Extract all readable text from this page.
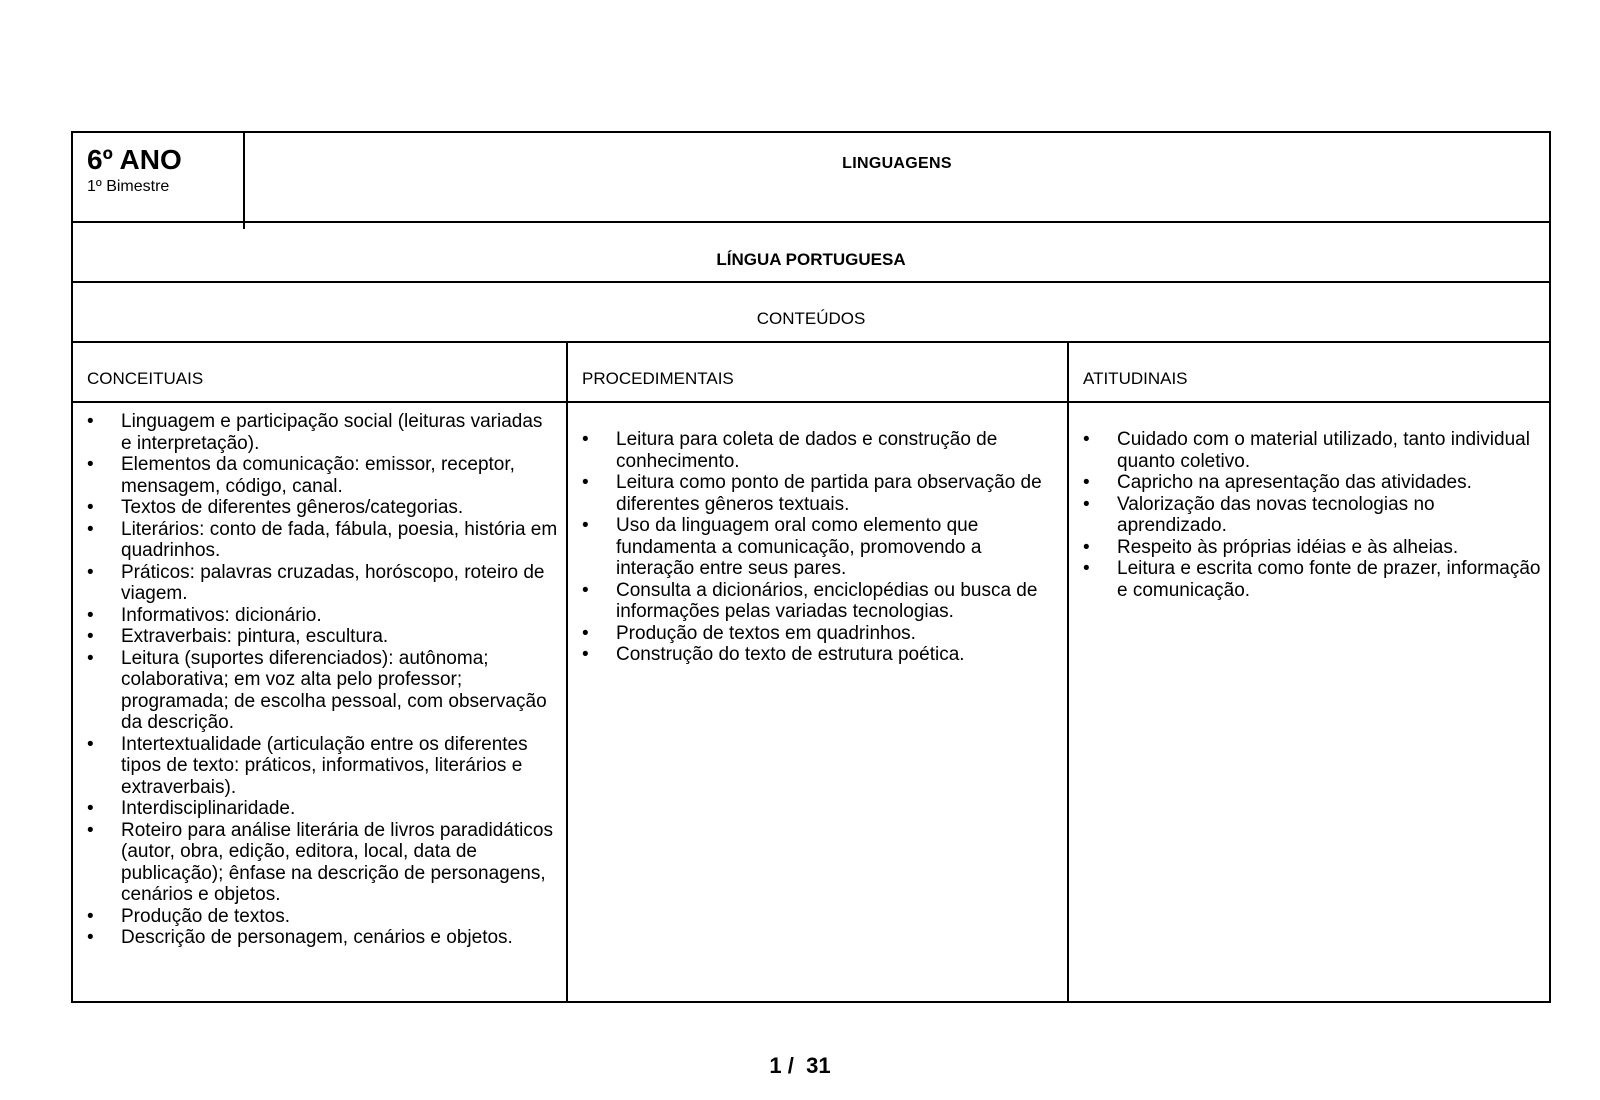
6º ANO
1º Bimestre
LINGUAGENS
LÍNGUA PORTUGUESA
CONTEÚDOS
CONCEITUAIS	PROCEDIMENTAIS	ATITUDINAIS
• Linguagem e participação social (leituras variadas e interpretação).
• Elementos da comunicação: emissor, receptor, mensagem, código, canal.
• Textos de diferentes gêneros/categorias.
• Literários: conto de fada, fábula, poesia, história em quadrinhos.
• Práticos: palavras cruzadas, horóscopo, roteiro de viagem.
• Informativos: dicionário.
• Extraverbais: pintura, escultura.
• Leitura (suportes diferenciados): autônoma; colaborativa; em voz alta pelo professor; programada; de escolha pessoal, com observação da descrição.
• Intertextualidade (articulação entre os diferentes tipos de texto: práticos, informativos, literários e extraverbais).
• Interdisciplinaridade.
• Roteiro para análise literária de livros paradidáticos (autor, obra, edição, editora, local, data de publicação); ênfase na descrição de personagens, cenários e objetos.
• Produção de textos.
• Descrição de personagem, cenários e objetos.
• Leitura para coleta de dados e construção de conhecimento.
• Leitura como ponto de partida para observação de diferentes gêneros textuais.
• Uso da linguagem oral como elemento que fundamenta a comunicação, promovendo a interação entre seus pares.
• Consulta a dicionários, enciclopédias ou busca de informações pelas variadas tecnologias.
• Produção de textos em quadrinhos.
• Construção do texto de estrutura poética.
• Cuidado com o material utilizado, tanto individual quanto coletivo.
• Capricho na apresentação das atividades.
• Valorização das novas tecnologias no aprendizado.
• Respeito às próprias idéias e às alheias.
• Leitura e escrita como fonte de prazer, informação e comunicação.
1 /  31
